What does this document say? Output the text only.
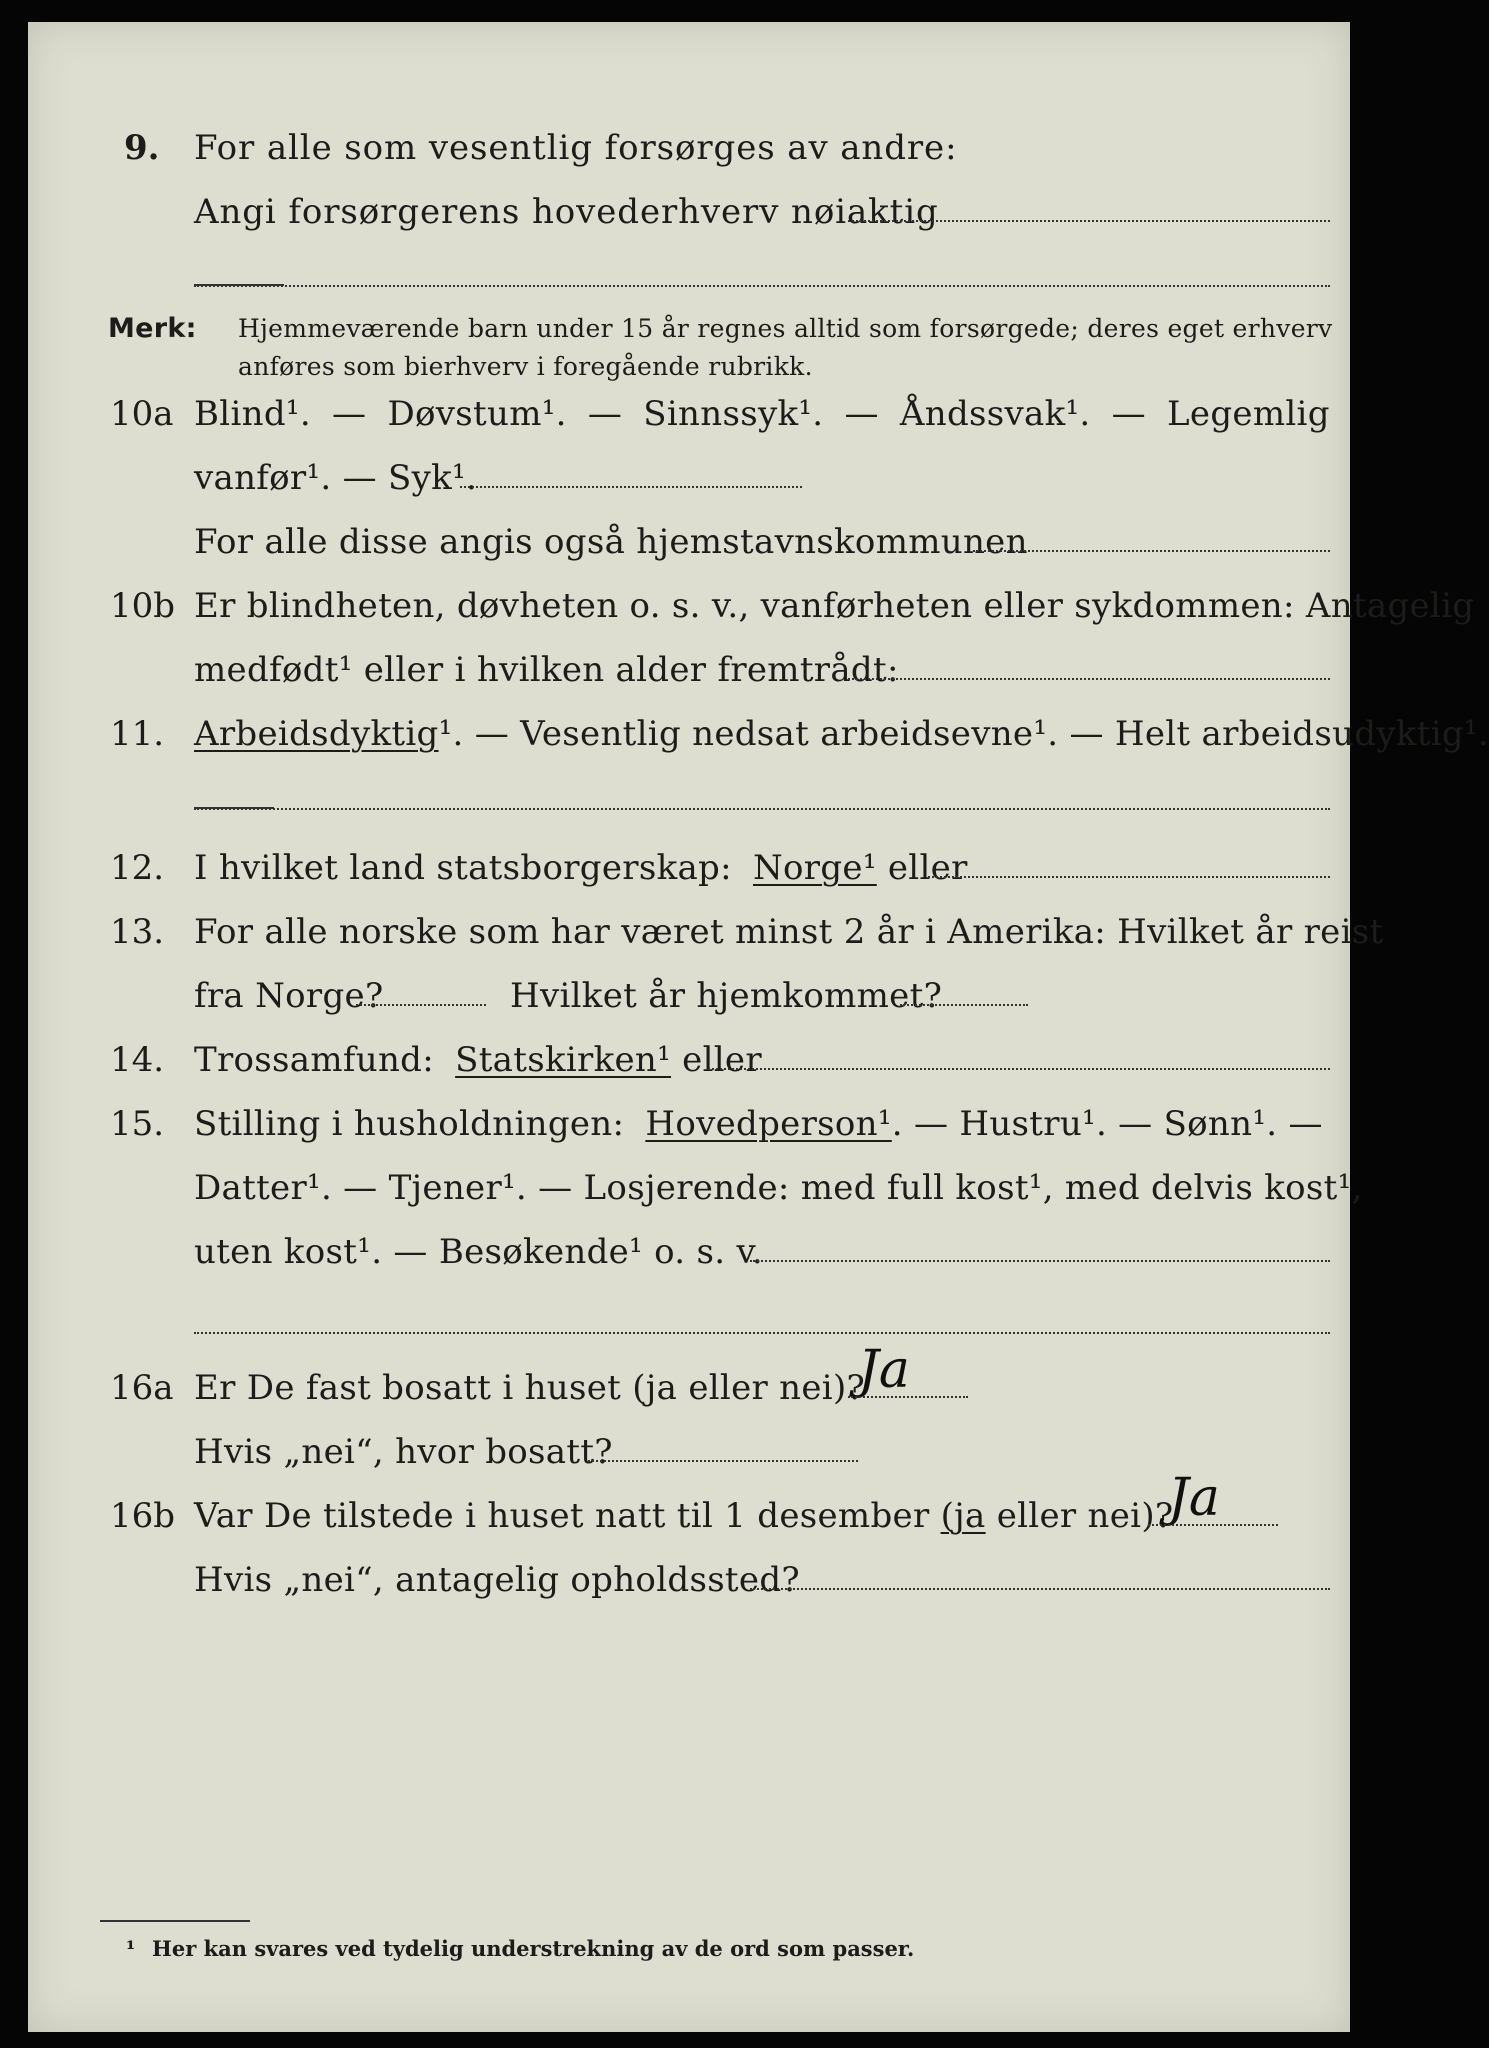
9. For alle som vesentlig forsørges av andre:
Angi forsørgerens hovederhverv nøiaktig
Merk: Hjemmeværende barn under 15 år regnes alltid som forsørgede; deres eget erhverv
anføres som bierhverv i foregående rubrikk.
10a Blind¹. — Døvstum¹. — Sinnssyk¹. — Åndssvak¹. — Legemlig
vanfør¹. — Syk¹.
For alle disse angis også hjemstavnskommunen
10b Er blindheten, døvheten o. s. v., vanførheten eller sykdommen: Antagelig
medfødt¹ eller i hvilken alder fremtrådt:
11. Arbeidsdyktig¹. — Vesentlig nedsat arbeidsevne¹. — Helt arbeidsudyktig¹.
12. I hvilket land statsborgerskap: Norge¹ eller
13. For alle norske som har været minst 2 år i Amerika: Hvilket år reist
fra Norge?	Hvilket år hjemkommet?
14. Trossamfund: Statskirken¹ eller
15. Stilling i husholdningen: Hovedperson¹. — Hustru¹. — Sønn¹. —
Datter¹. — Tjener¹. — Losjerende: med full kost¹, med delvis kost¹,
uten kost¹. — Besøkende¹ o. s. v.
16a Er De fast bosatt i huset (ja eller nei)?
Ja
Hvis „nei“, hvor bosatt?
16b Var De tilstede i huset natt til 1 desember (ja eller nei)?
Ja
Hvis „nei“, antagelig opholdssted?
¹ Her kan svares ved tydelig understrekning av de ord som passer.
